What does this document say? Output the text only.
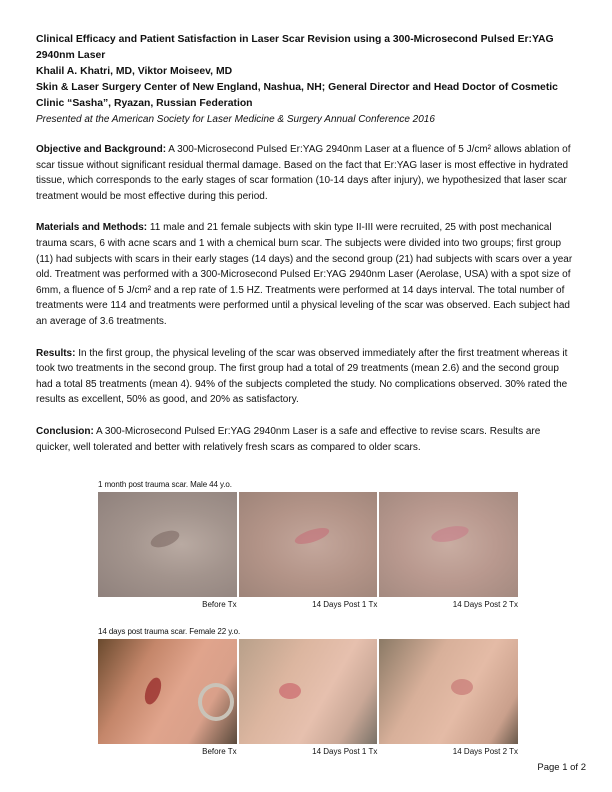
Clinical Efficacy and Patient Satisfaction in Laser Scar Revision using a 300-Microsecond Pulsed Er:YAG 2940nm Laser

Khalil A. Khatri, MD, Viktor Moiseev, MD

Skin & Laser Surgery Center of New England, Nashua, NH; General Director and Head Doctor of Cosmetic Clinic “Sasha”, Ryazan, Russian Federation

Presented at the American Society for Laser Medicine & Surgery Annual Conference 2016

Objective and Background: A 300-Microsecond Pulsed Er:YAG 2940nm Laser at a fluence of 5 J/cm² allows ablation of scar tissue without significant residual thermal damage. Based on the fact that Er:YAG laser is most effective in hydrated tissue, which corresponds to the early stages of scar formation (10-14 days after injury), we hypothesized that laser scar treatment would be most effective during this period.

Materials and Methods: 11 male and 21 female subjects with skin type II-III were recruited, 25 with post mechanical trauma scars, 6 with acne scars and 1 with a chemical burn scar. The subjects were divided into two groups; first group (11) had subjects with scars in their early stages (14 days) and the second group (21) had subjects with scars over a year old. Treatment was performed with a 300-Microsecond Pulsed Er:YAG 2940nm Laser (Aerolase, USA) with a spot size of 6mm, a fluence of 5 J/cm² and a rep rate of 1.5 HZ. Treatments were performed at 14 days interval. The total number of treatments were 114 and treatments were performed until a physical leveling of the scar was observed. Each subject had an average of 3.6 treatments.

Results: In the first group, the physical leveling of the scar was observed immediately after the first treatment whereas it took two treatments in the second group. The first group had a total of 29 treatments (mean 2.6) and the second group had a total 85 treatments (mean 4). 94% of the subjects completed the study. No complications observed. 30% rated the results as excellent, 50% as good, and 20% as satisfactory.

Conclusion: A 300-Microsecond Pulsed Er:YAG 2940nm Laser is a safe and effective to revise scars. Results are quicker, well tolerated and better with relatively fresh scars as compared to older scars.

1 month post trauma scar. Male 44 y.o.
Before Tx	14 Days Post 1 Tx	14 Days Post 2 Tx
14 days post trauma scar. Female 22 y.o.
Before Tx	14 Days Post 1 Tx	14 Days Post 2 Tx
Page 1 of 2
